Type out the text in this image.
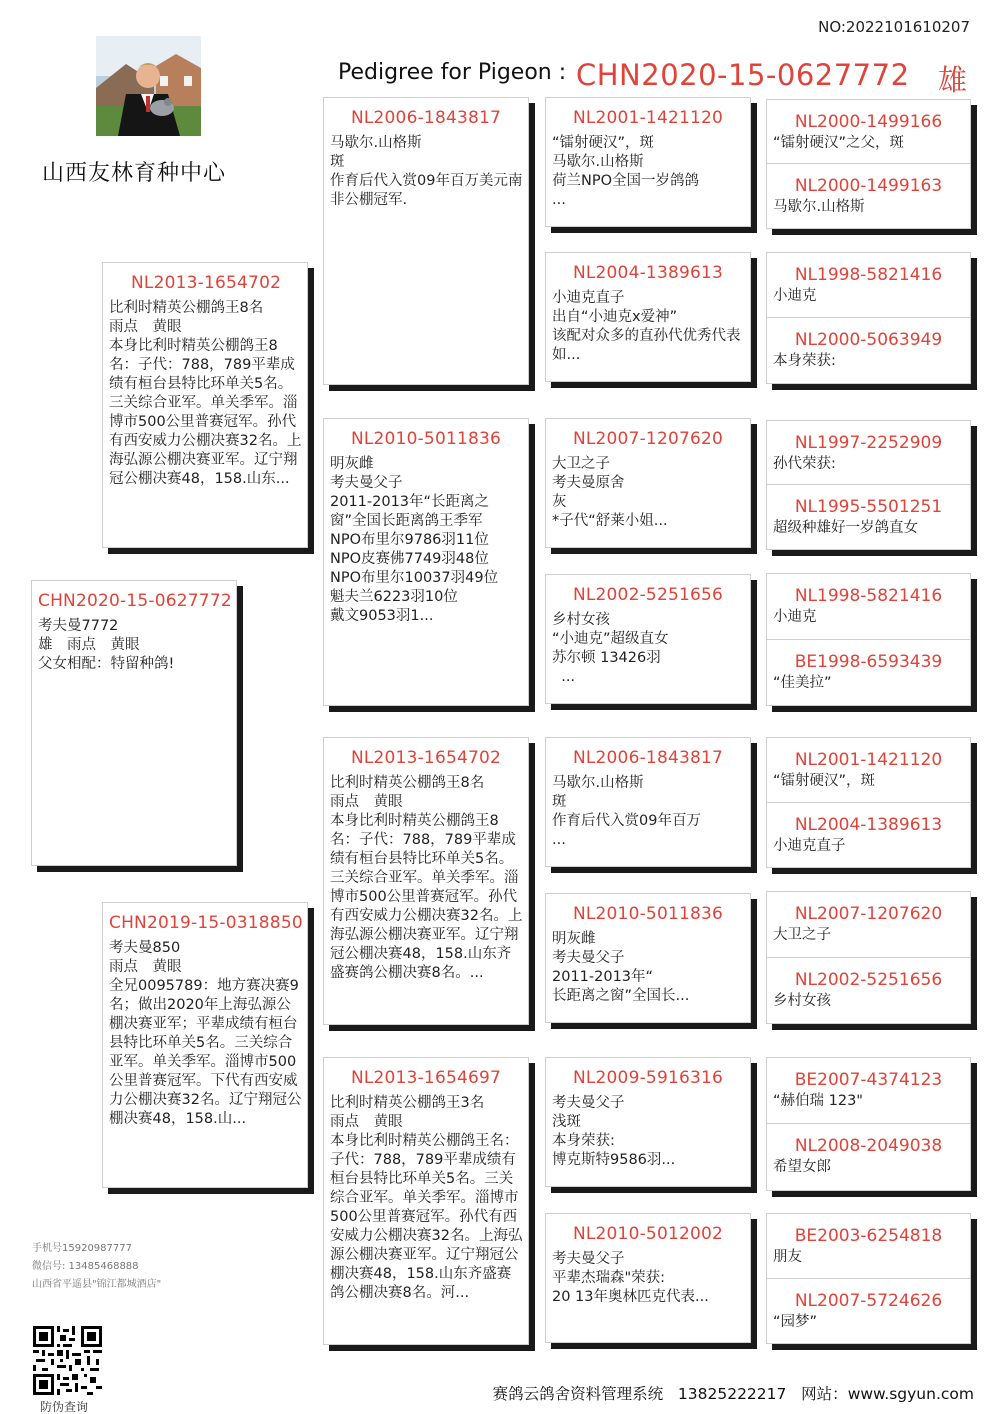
NO:2022101610207
Pedigree for Pigeon : CHN2020-15-0627772 雄
山西友林育种中心
CHN2020-15-0627772
考夫曼7772
雄　雨点　黄眼
父女相配：特留种鸽!
NL2013-1654702
比利时精英公棚鸽王8名
雨点　黄眼
本身比利时精英公棚鸽王8名：子代：788，789平辈成绩有桓台县特比环单关5名。三关综合亚军。单关季军。淄博市500公里普赛冠军。孙代有西安威力公棚决赛32名。上海弘源公棚决赛亚军。辽宁翔冠公棚决赛48，158.山东...
CHN2019-15-0318850
考夫曼850
雨点　黄眼
全兄0095789：地方赛决赛9名；做出2020年上海弘源公棚决赛亚军；平辈成绩有桓台县特比环单关5名。三关综合亚军。单关季军。淄博市500公里普赛冠军。下代有西安威力公棚决赛32名。辽宁翔冠公棚决赛48，158.山...
NL2006-1843817
马歇尔.山格斯
斑
作育后代入赏09年百万美元南非公棚冠军.
NL2010-5011836
明灰雌
考夫曼父子
2011-2013年“长距离之窗”全国长距离鸽王季军
NPO布里尔9786羽11位
NPO皮赛佛7749羽48位
NPO布里尔10037羽49位
魁夫兰6223羽10位
戴文9053羽1...
NL2013-1654702
比利时精英公棚鸽王8名
雨点　黄眼
本身比利时精英公棚鸽王8名：子代：788，789平辈成绩有桓台县特比环单关5名。三关综合亚军。单关季军。淄博市500公里普赛冠军。孙代有西安威力公棚决赛32名。上海弘源公棚决赛亚军。辽宁翔冠公棚决赛48，158.山东齐盛赛鸽公棚决赛8名。...
NL2013-1654697
比利时精英公棚鸽王3名
雨点　黄眼
本身比利时精英公棚鸽王名：子代：788，789平辈成绩有桓台县特比环单关5名。三关综合亚军。单关季军。淄博市500公里普赛冠军。孙代有西安威力公棚决赛32名。上海弘源公棚决赛亚军。辽宁翔冠公棚决赛48，158.山东齐盛赛鸽公棚决赛8名。河...
NL2001-1421120
“镭射硬汉”，斑
马歇尔.山格斯
荷兰NPO全国一岁鸽鸽
...
NL2004-1389613
小迪克直子
出自“小迪克x爱神”
该配对众多的直孙代优秀代表如...
NL2007-1207620
大卫之子
考夫曼原舍
灰
*子代“舒莱小姐...
NL2002-5251656
乡村女孩
“小迪克”超级直女
苏尔顿 13426羽
...
NL2006-1843817
马歇尔.山格斯
斑
作育后代入赏09年百万
...
NL2010-5011836
明灰雌
考夫曼父子
2011-2013年“
长距离之窗”全国长...
NL2009-5916316
考夫曼父子
浅斑
本身荣获:
博克斯特9586羽...
NL2010-5012002
考夫曼父子
平辈杰瑞森"荣获:
20 13年奥林匹克代表...
NL2000-1499166
“镭射硬汉”之父，斑
NL2000-1499163
马歇尔.山格斯
NL1998-5821416
小迪克
NL2000-5063949
本身荣获:
NL1997-2252909
孙代荣获:
NL1995-5501251
超级种雄好一岁鸽直女
NL1998-5821416
小迪克
BE1998-6593439
“佳美拉”
NL2001-1421120
“镭射硬汉”，斑
NL2004-1389613
小迪克直子
NL2007-1207620
大卫之子
NL2002-5251656
乡村女孩
BE2007-4374123
“赫伯瑞 123"
NL2008-2049038
希望女郎
BE2003-6254818
朋友
NL2007-5724626
“园梦”
手机号15920987777
微信号: 13485468888
山西省平遥县"锦江都城酒店"
防伪查询
赛鸽云鸽舍资料管理系统 13825222217 网站：www.sgyun.com
